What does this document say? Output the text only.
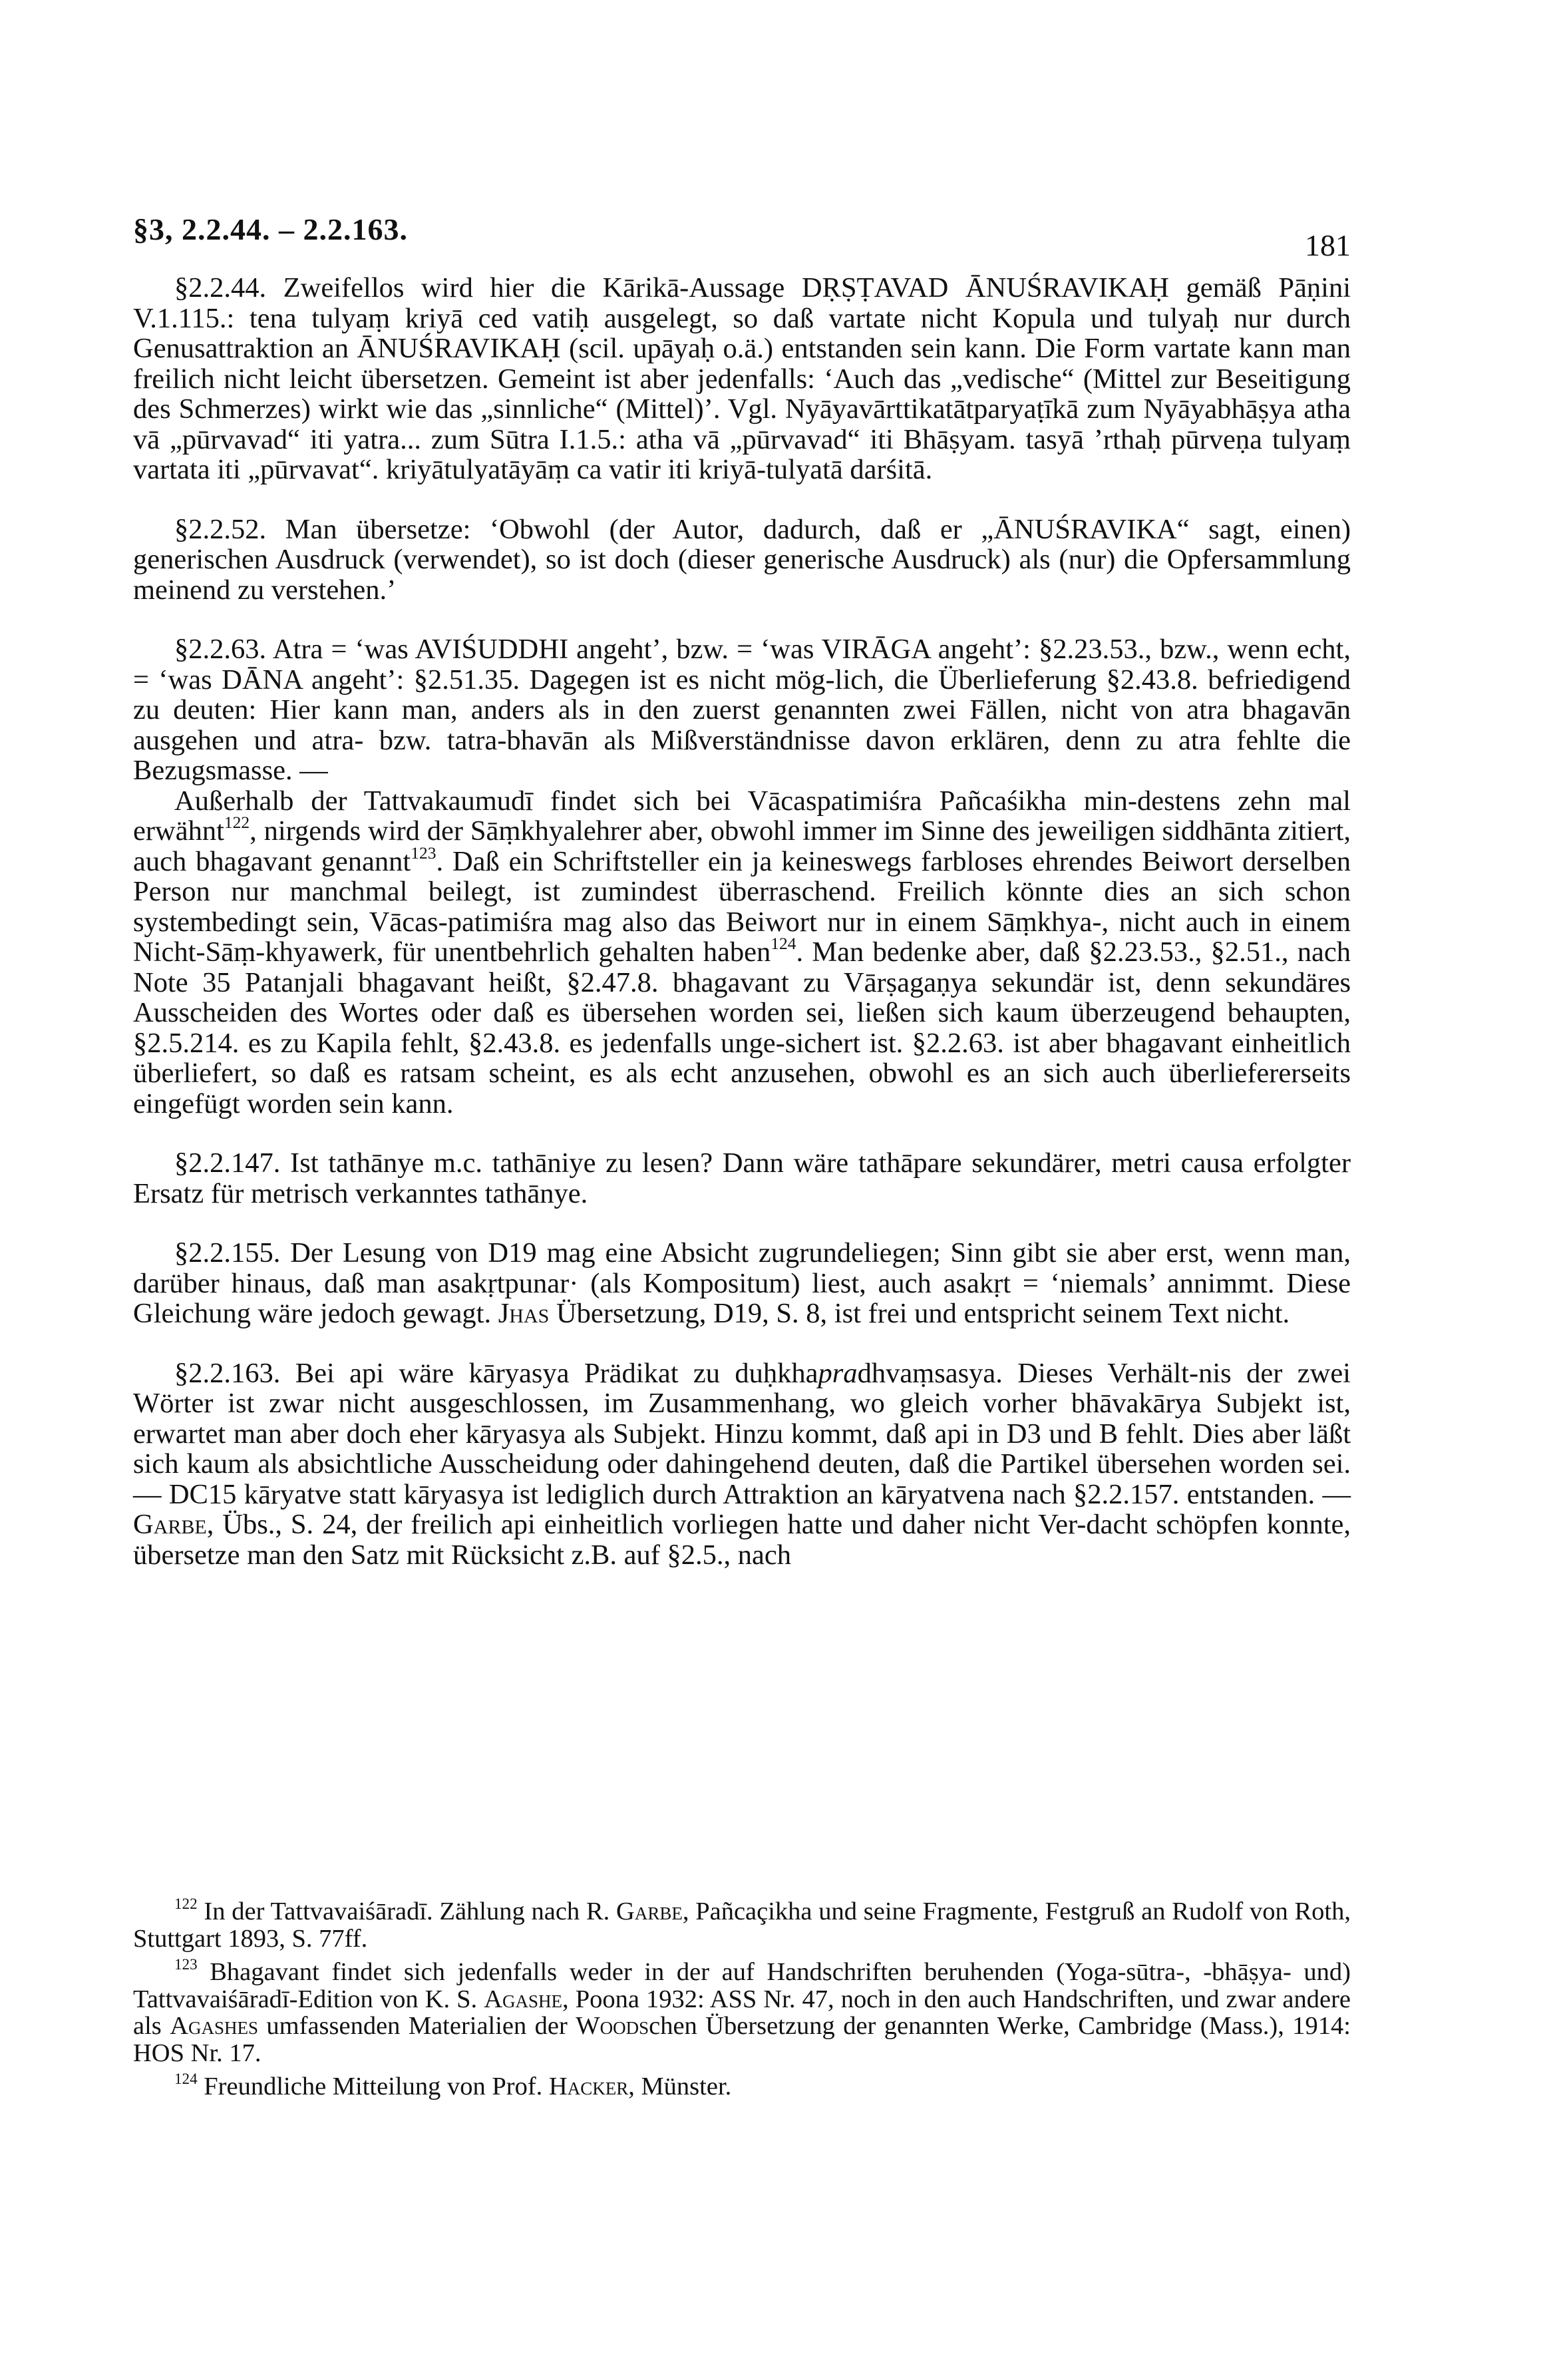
§3, 2.2.44. – 2.2.163.	181

§2.2.44. Zweifellos wird hier die Kārikā-Aussage DṚṢṬAVAD ĀNUŚRAVIKAḤ gemäß Pāṇini V.1.115.: tena tulyaṃ kriyā ced vatiḥ ausgelegt, so daß vartate nicht Kopula und tulyaḥ nur durch Genusattraktion an ĀNUŚRAVIKAḤ (scil. upāyaḥ o.ä.) entstanden sein kann. Die Form vartate kann man freilich nicht leicht übersetzen. Gemeint ist aber jedenfalls: ‘Auch das „vedische“ (Mittel zur Beseitigung des Schmerzes) wirkt wie das „sinnliche“ (Mittel)’. Vgl. Nyāyavārttikatātparyaṭīkā zum Nyāyabhāṣya atha vā „pūrvavad“ iti yatra... zum Sūtra I.1.5.: atha vā „pūrvavad“ iti Bhāṣyam. tasyā ’rthaḥ pūrveṇa tulyaṃ vartata iti „pūrvavat“. kriyātulyatāyāṃ ca vatir iti kriyā-tulyatā darśitā.

§2.2.52. Man übersetze: ‘Obwohl (der Autor, dadurch, daß er „ĀNUŚRAVIKA“ sagt, einen) generischen Ausdruck (verwendet), so ist doch (dieser generische Ausdruck) als (nur) die Opfersammlung meinend zu verstehen.’

§2.2.63. Atra = ‘was AVIŚUDDHI angeht’, bzw. = ‘was VIRĀGA angeht’: §2.23.53., bzw., wenn echt, = ‘was DĀNA angeht’: §2.51.35. Dagegen ist es nicht mög-lich, die Überlieferung §2.43.8. befriedigend zu deuten: Hier kann man, anders als in den zuerst genannten zwei Fällen, nicht von atra bhagavān ausgehen und atra- bzw. tatra-bhavān als Mißverständnisse davon erklären, denn zu atra fehlte die Bezugsmasse. —

Außerhalb der Tattvakaumudī findet sich bei Vācaspatimiśra Pañcaśikha min-destens zehn mal erwähnt$^{122}$, nirgends wird der Sāṃkhyalehrer aber, obwohl immer im Sinne des jeweiligen siddhānta zitiert, auch bhagavant genannt$^{123}$. Daß ein Schriftsteller ein ja keineswegs farbloses ehrendes Beiwort derselben Person nur manchmal beilegt, ist zumindest überraschend. Freilich könnte dies an sich schon systembedingt sein, Vācas-patimiśra mag also das Beiwort nur in einem Sāṃkhya-, nicht auch in einem Nicht-Sāṃ-khyawerk, für unentbehrlich gehalten haben$^{124}$. Man bedenke aber, daß §2.23.53., §2.51., nach Note 35 Patanjali bhagavant heißt, §2.47.8. bhagavant zu Vārṣagaṇya sekundär ist, denn sekundäres Ausscheiden des Wortes oder daß es übersehen worden sei, ließen sich kaum überzeugend behaupten, §2.5.214. es zu Kapila fehlt, §2.43.8. es jedenfalls unge-sichert ist. §2.2.63. ist aber bhagavant einheitlich überliefert, so daß es ratsam scheint, es als echt anzusehen, obwohl es an sich auch überliefererseits eingefügt worden sein kann.

§2.2.147. Ist tathānye m.c. tathāniye zu lesen? Dann wäre tathāpare sekundärer, metri causa erfolgter Ersatz für metrisch verkanntes tathānye.

§2.2.155. Der Lesung von D19 mag eine Absicht zugrundeliegen; Sinn gibt sie aber erst, wenn man, darüber hinaus, daß man asakṛtpunar· (als Kompositum) liest, auch asakṛt = ‘niemals’ annimmt. Diese Gleichung wäre jedoch gewagt. Jhas Übersetzung, D19, S. 8, ist frei und entspricht seinem Text nicht.

§2.2.163. Bei api wäre kāryasya Prädikat zu duḥkhapradhvaṃsasya. Dieses Verhält-nis der zwei Wörter ist zwar nicht ausgeschlossen, im Zusammenhang, wo gleich vorher bhāvakārya Subjekt ist, erwartet man aber doch eher kāryasya als Subjekt. Hinzu kommt, daß api in D3 und B fehlt. Dies aber läßt sich kaum als absichtliche Ausscheidung oder dahingehend deuten, daß die Partikel übersehen worden sei. — DC15 kāryatve statt kāryasya ist lediglich durch Attraktion an kāryatvena nach §2.2.157. entstanden. — Garbe, Übs., S. 24, der freilich api einheitlich vorliegen hatte und daher nicht Ver-dacht schöpfen konnte, übersetze man den Satz mit Rücksicht z.B. auf §2.5., nach

$^{122}$ In der Tattvavaiśāradī. Zählung nach R. Garbe, Pañcaçikha und seine Fragmente, Festgruß an Rudolf von Roth, Stuttgart 1893, S. 77ff.

$^{123}$ Bhagavant findet sich jedenfalls weder in der auf Handschriften beruhenden (Yoga-sūtra-, -bhāṣya- und) Tattvavaiśāradī-Edition von K. S. Agashe, Poona 1932: ASS Nr. 47, noch in den auch Handschriften, und zwar andere als Agashes umfassenden Materialien der Woodschen Übersetzung der genannten Werke, Cambridge (Mass.), 1914: HOS Nr. 17.

$^{124}$ Freundliche Mitteilung von Prof. Hacker, Münster.
